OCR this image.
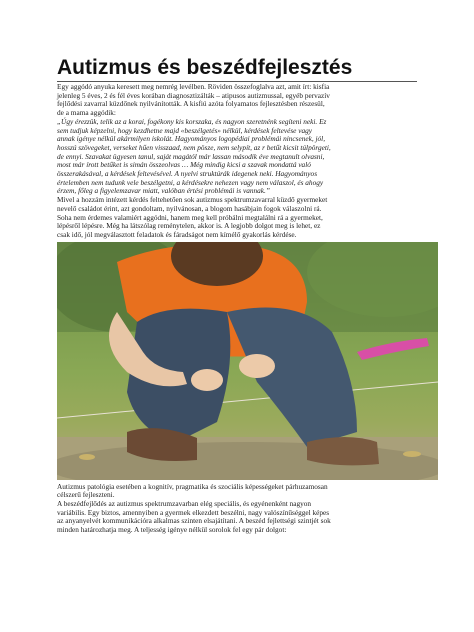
Autizmus és beszédfejlesztés

Egy aggódó anyuka keresett meg nemrég levélben. Röviden összefoglalva azt, amit írt: kisfia

jelenleg 5 éves, 2 és fél éves korában diagnosztizálták – atipusos autizmussal, egyéb pervazív

fejlődési zavarral küzdőnek nyilvánították. A kisfiú azóta folyamatos fejlesztésben részesül,

de a mama aggódik:

„Úgy érezzük, telik az a korai, fogékony kis korszaka, és nagyon szeretnénk segíteni neki. Ez

sem tudjuk képzelni, hogy kezdhetne majd «beszélgetés» nélkül, kérdések feltevése vagy

annak igénye nélkül akármilyen iskolát. Hagyományos logopédiai problémái nincsenek, jól,

hosszú szövegeket, verseket hűen visszaad, nem pösze, nem selypít, az r betűt kicsit túlpörgeti,

de ennyi. Szavakat ügyesen tanul, saját magától már lassan második éve megtanult olvasni,

most már írott betűket is simán összeolvas … Még mindig kicsi a szavak mondattá való

összerakásával, a kérdések feltevésével. A nyelvi struktúrák idegenek neki. Hagyományos

értelemben nem tudunk vele beszélgetni, a kérdésekre nehezen vagy nem válaszol, és ahogy

érzem, főleg a figyelemzavar miatt, valóban értési problémái is vannak.”

Mivel a hozzám intézett kérdés feltehetően sok autizmus spektrumzavarral küzdő gyermeket

nevelő családot érint, azt gondoltam, nyilvánosan, a blogom hasábjain fogok válaszolni rá.

Soha nem érdemes valamiért aggódni, hanem meg kell próbálni megtalálni rá a gyermeket,

lépésről lépésre. Még ha látszólag reménytelen, akkor is. A legjobb dolgot meg is lehet, ez

csak idő, jól megválasztott feladatok és fáradságot nem kímélő gyakorlás kérdése.

Autizmus patológia esetében a kognitív, pragmatika és szociális képességeket párhuzamosan

célszerű fejleszteni.

A beszédfejlődés az autizmus spektrumzavarban elég speciális, és egyénenként nagyon

variábilis. Egy biztos, amennyiben a gyermek elkezdett beszélni, nagy valószínűséggel képes

az anyanyelvét kommunikációra alkalmas szinten elsajátítani. A beszéd fejlettségi szintjét sok

minden határozhatja meg. A teljesség igénye nélkül sorolok fel egy pár dolgot:
